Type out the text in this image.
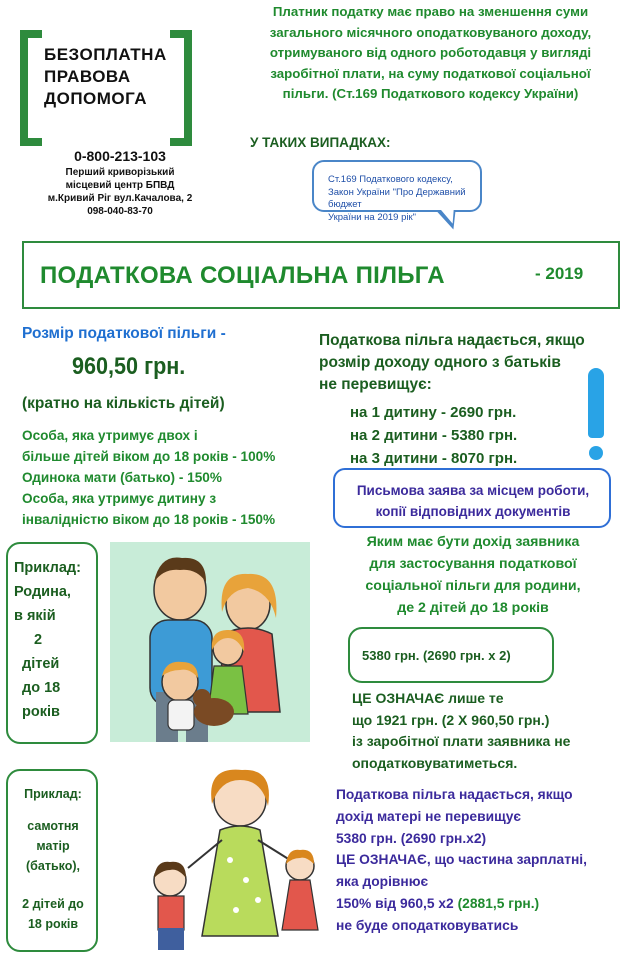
БЕЗОПЛАТНА
ПРАВОВА
ДОПОМОГА
0-800-213-103
Перший криворізький
місцевий центр БПВД
м.Кривий Ріг вул.Качалова, 2
098-040-83-70
Платник податку має право на зменшення суми
загального місячного оподатковуваного доходу,
отримуваного від одного роботодавця у вигляді
заробітної плати, на суму податкової соціальної
пільги. (Ст.169 Податкового кодексу України)
У ТАКИХ ВИПАДКАХ:
Ст.169 Податкового кодексу,
Закон України "Про Державний бюджет
України на 2019 рік"
ПОДАТКОВА СОЦІАЛЬНА ПІЛЬГА	- 2019
Розмір податкової пільги -
960,50 грн.
(кратно на кількість дітей)
Особа, яка утримує двох і
більше дітей віком до 18 років - 100%
Одинока мати (батько) - 150%
Особа, яка утримує дитину з
інвалідністю віком до 18 років - 150%
Податкова пільга надається, якщо
розмір доходу одного з батьків
не перевищує:
на 1 дитину - 2690 грн.
на 2 дитини - 5380 грн.
на 3 дитини - 8070 грн.
Письмова заява за місцем роботи,
копії відповідних документів
Яким має бути дохід заявника
для застосування податкової
соціальної пільги для родини,
де 2 дітей до 18 років
5380 грн. (2690 грн. х 2)
ЦЕ ОЗНАЧАЄ лише те
що 1921 грн. (2 Х 960,50 грн.)
із заробітної плати заявника не
оподатковуватиметься.
Приклад:
Родина,
в якій
2
дітей
до 18
років
Приклад:
самотня
матір
(батько),
2 дітей до
18 років
Податкова пільга надається, якщо
дохід матері не перевищує
5380 грн. (2690 грн.х2)
ЦЕ ОЗНАЧАЄ, що частина зарплатні,
яка дорівнює
150% від 960,5 х2 (2881,5 грн.)
не буде оподатковуватись
